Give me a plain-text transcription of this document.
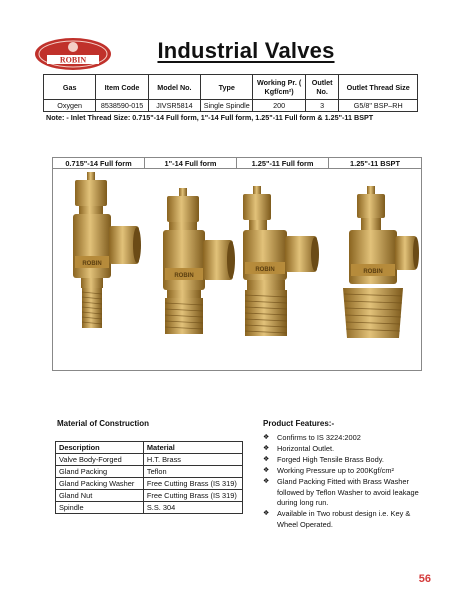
ROBIN	Industrial Valves
Gas	Item Code	Model No.	Type	Working Pr. ( Kgf/cm²)	Outlet No.	Outlet Thread Size
Oxygen	8538590-015	JIVSR5814	Single Spindle	200	3	G5/8" BSP–RH
Note: - Inlet Thread Size: 0.715"-14 Full form, 1"-14 Full form, 1.25"-11 Full form & 1.25"-11 BSPT
0.715"-14 Full form	1"-14 Full form	1.25"-11 Full form	1.25"-11 BSPT
ROBIN
ROBIN
ROBIN	ROBIN
Material of Construction
Description	Material
Valve Body-Forged	H.T. Brass
Gland Packing	Teflon
Gland Packing Washer	Free Cutting Brass (IS 319)
Gland Nut	Free Cutting Brass (IS 319)
Spindle	S.S. 304
Product Features:-
❖ Confirms to IS 3224:2002
❖ Horizontal Outlet.
❖ Forged High Tensile Brass Body.
❖ Working Pressure up to 200Kgf/cm²
❖ Gland Packing Fitted with Brass Washer followed by Teflon Washer to avoid leakage during long run.
❖ Available in Two robust design i.e. Key & Wheel Operated.
56
